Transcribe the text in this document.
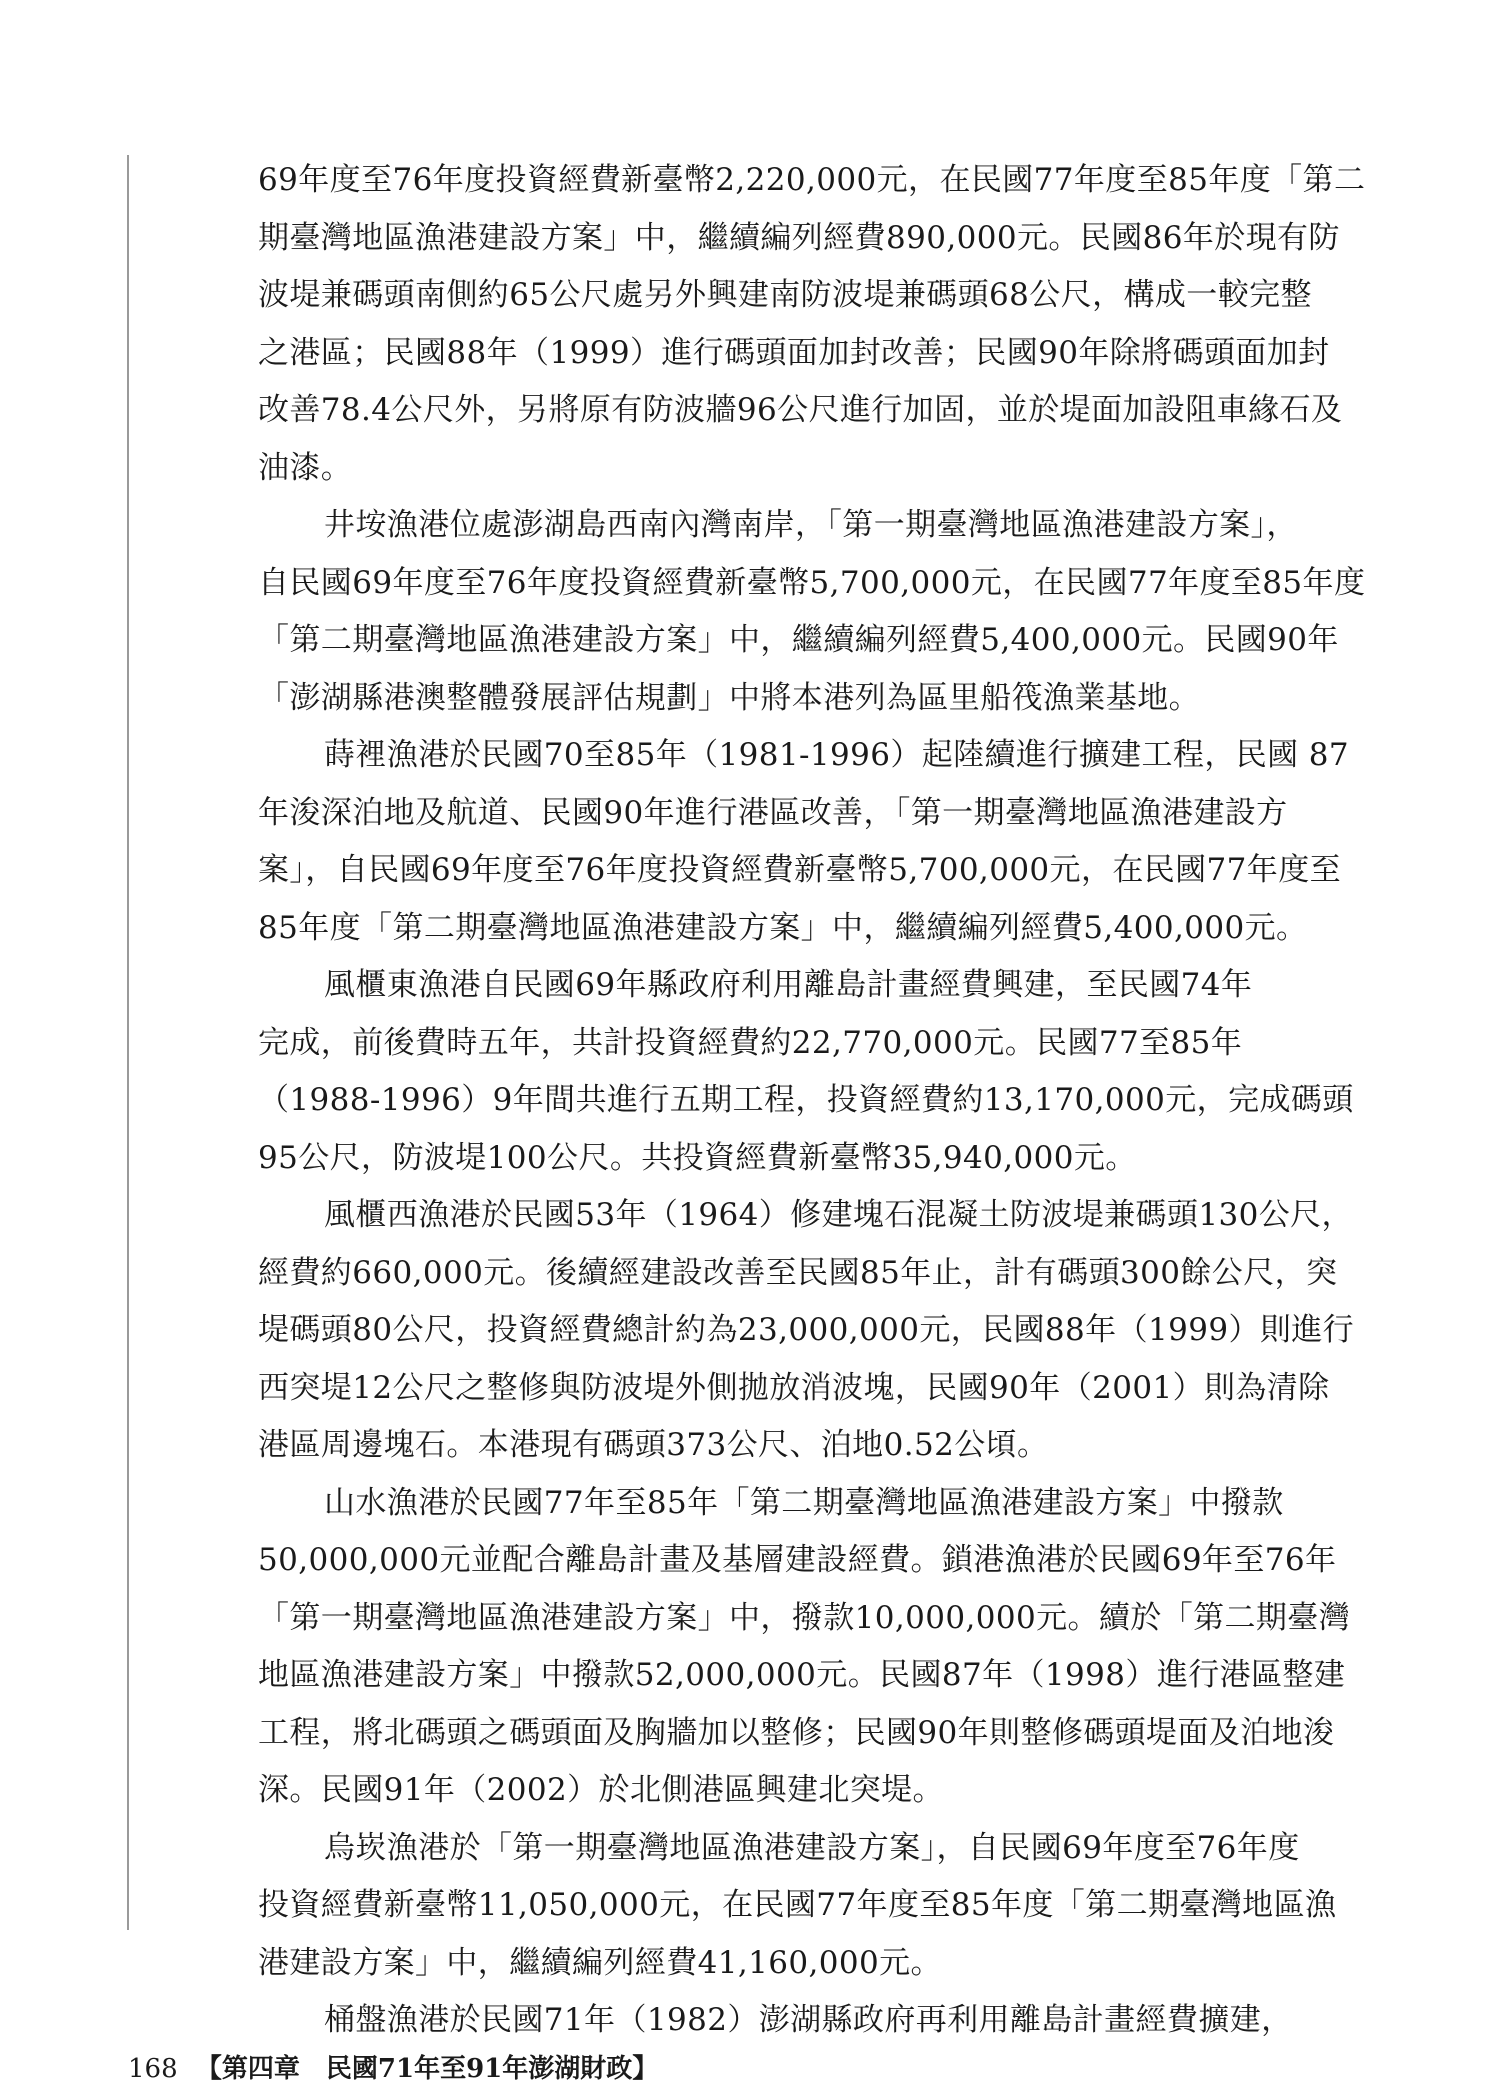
69年度至76年度投資經費新臺幣2,220,000元，在民國77年度至85年度「第二
期臺灣地區漁港建設方案」中，繼續編列經費890,000元。民國86年於現有防
波堤兼碼頭南側約65公尺處另外興建南防波堤兼碼頭68公尺，構成一較完整
之港區；民國88年（1999）進行碼頭面加封改善；民國90年除將碼頭面加封
改善78.4公尺外，另將原有防波牆96公尺進行加固，並於堤面加設阻車緣石及
油漆。

井垵漁港位處澎湖島西南內灣南岸，「第一期臺灣地區漁港建設方案」，
自民國69年度至76年度投資經費新臺幣5,700,000元，在民國77年度至85年度
「第二期臺灣地區漁港建設方案」中，繼續編列經費5,400,000元。民國90年
「澎湖縣港澳整體發展評估規劃」中將本港列為區里船筏漁業基地。

蒔裡漁港於民國70至85年（1981-1996）起陸續進行擴建工程，民國 87
年浚深泊地及航道、民國90年進行港區改善，「第一期臺灣地區漁港建設方
案」，自民國69年度至76年度投資經費新臺幣5,700,000元，在民國77年度至
85年度「第二期臺灣地區漁港建設方案」中，繼續編列經費5,400,000元。

風櫃東漁港自民國69年縣政府利用離島計畫經費興建，至民國74年
完成，前後費時五年，共計投資經費約22,770,000元。民國77至85年
（1988-1996）9年間共進行五期工程，投資經費約13,170,000元，完成碼頭
95公尺，防波堤100公尺。共投資經費新臺幣35,940,000元。

風櫃西漁港於民國53年（1964）修建塊石混凝土防波堤兼碼頭130公尺，
經費約660,000元。後續經建設改善至民國85年止，計有碼頭300餘公尺，突
堤碼頭80公尺，投資經費總計約為23,000,000元，民國88年（1999）則進行
西突堤12公尺之整修與防波堤外側拋放消波塊，民國90年（2001）則為清除
港區周邊塊石。本港現有碼頭373公尺、泊地0.52公頃。

山水漁港於民國77年至85年「第二期臺灣地區漁港建設方案」中撥款
50,000,000元並配合離島計畫及基層建設經費。鎖港漁港於民國69年至76年
「第一期臺灣地區漁港建設方案」中，撥款10,000,000元。續於「第二期臺灣
地區漁港建設方案」中撥款52,000,000元。民國87年（1998）進行港區整建
工程，將北碼頭之碼頭面及胸牆加以整修；民國90年則整修碼頭堤面及泊地浚
深。民國91年（2002）於北側港區興建北突堤。

烏崁漁港於「第一期臺灣地區漁港建設方案」，自民國69年度至76年度
投資經費新臺幣11,050,000元，在民國77年度至85年度「第二期臺灣地區漁
港建設方案」中，繼續編列經費41,160,000元。

桶盤漁港於民國71年（1982）澎湖縣政府再利用離島計畫經費擴建，

168 【第四章　民國71年至91年澎湖財政】
